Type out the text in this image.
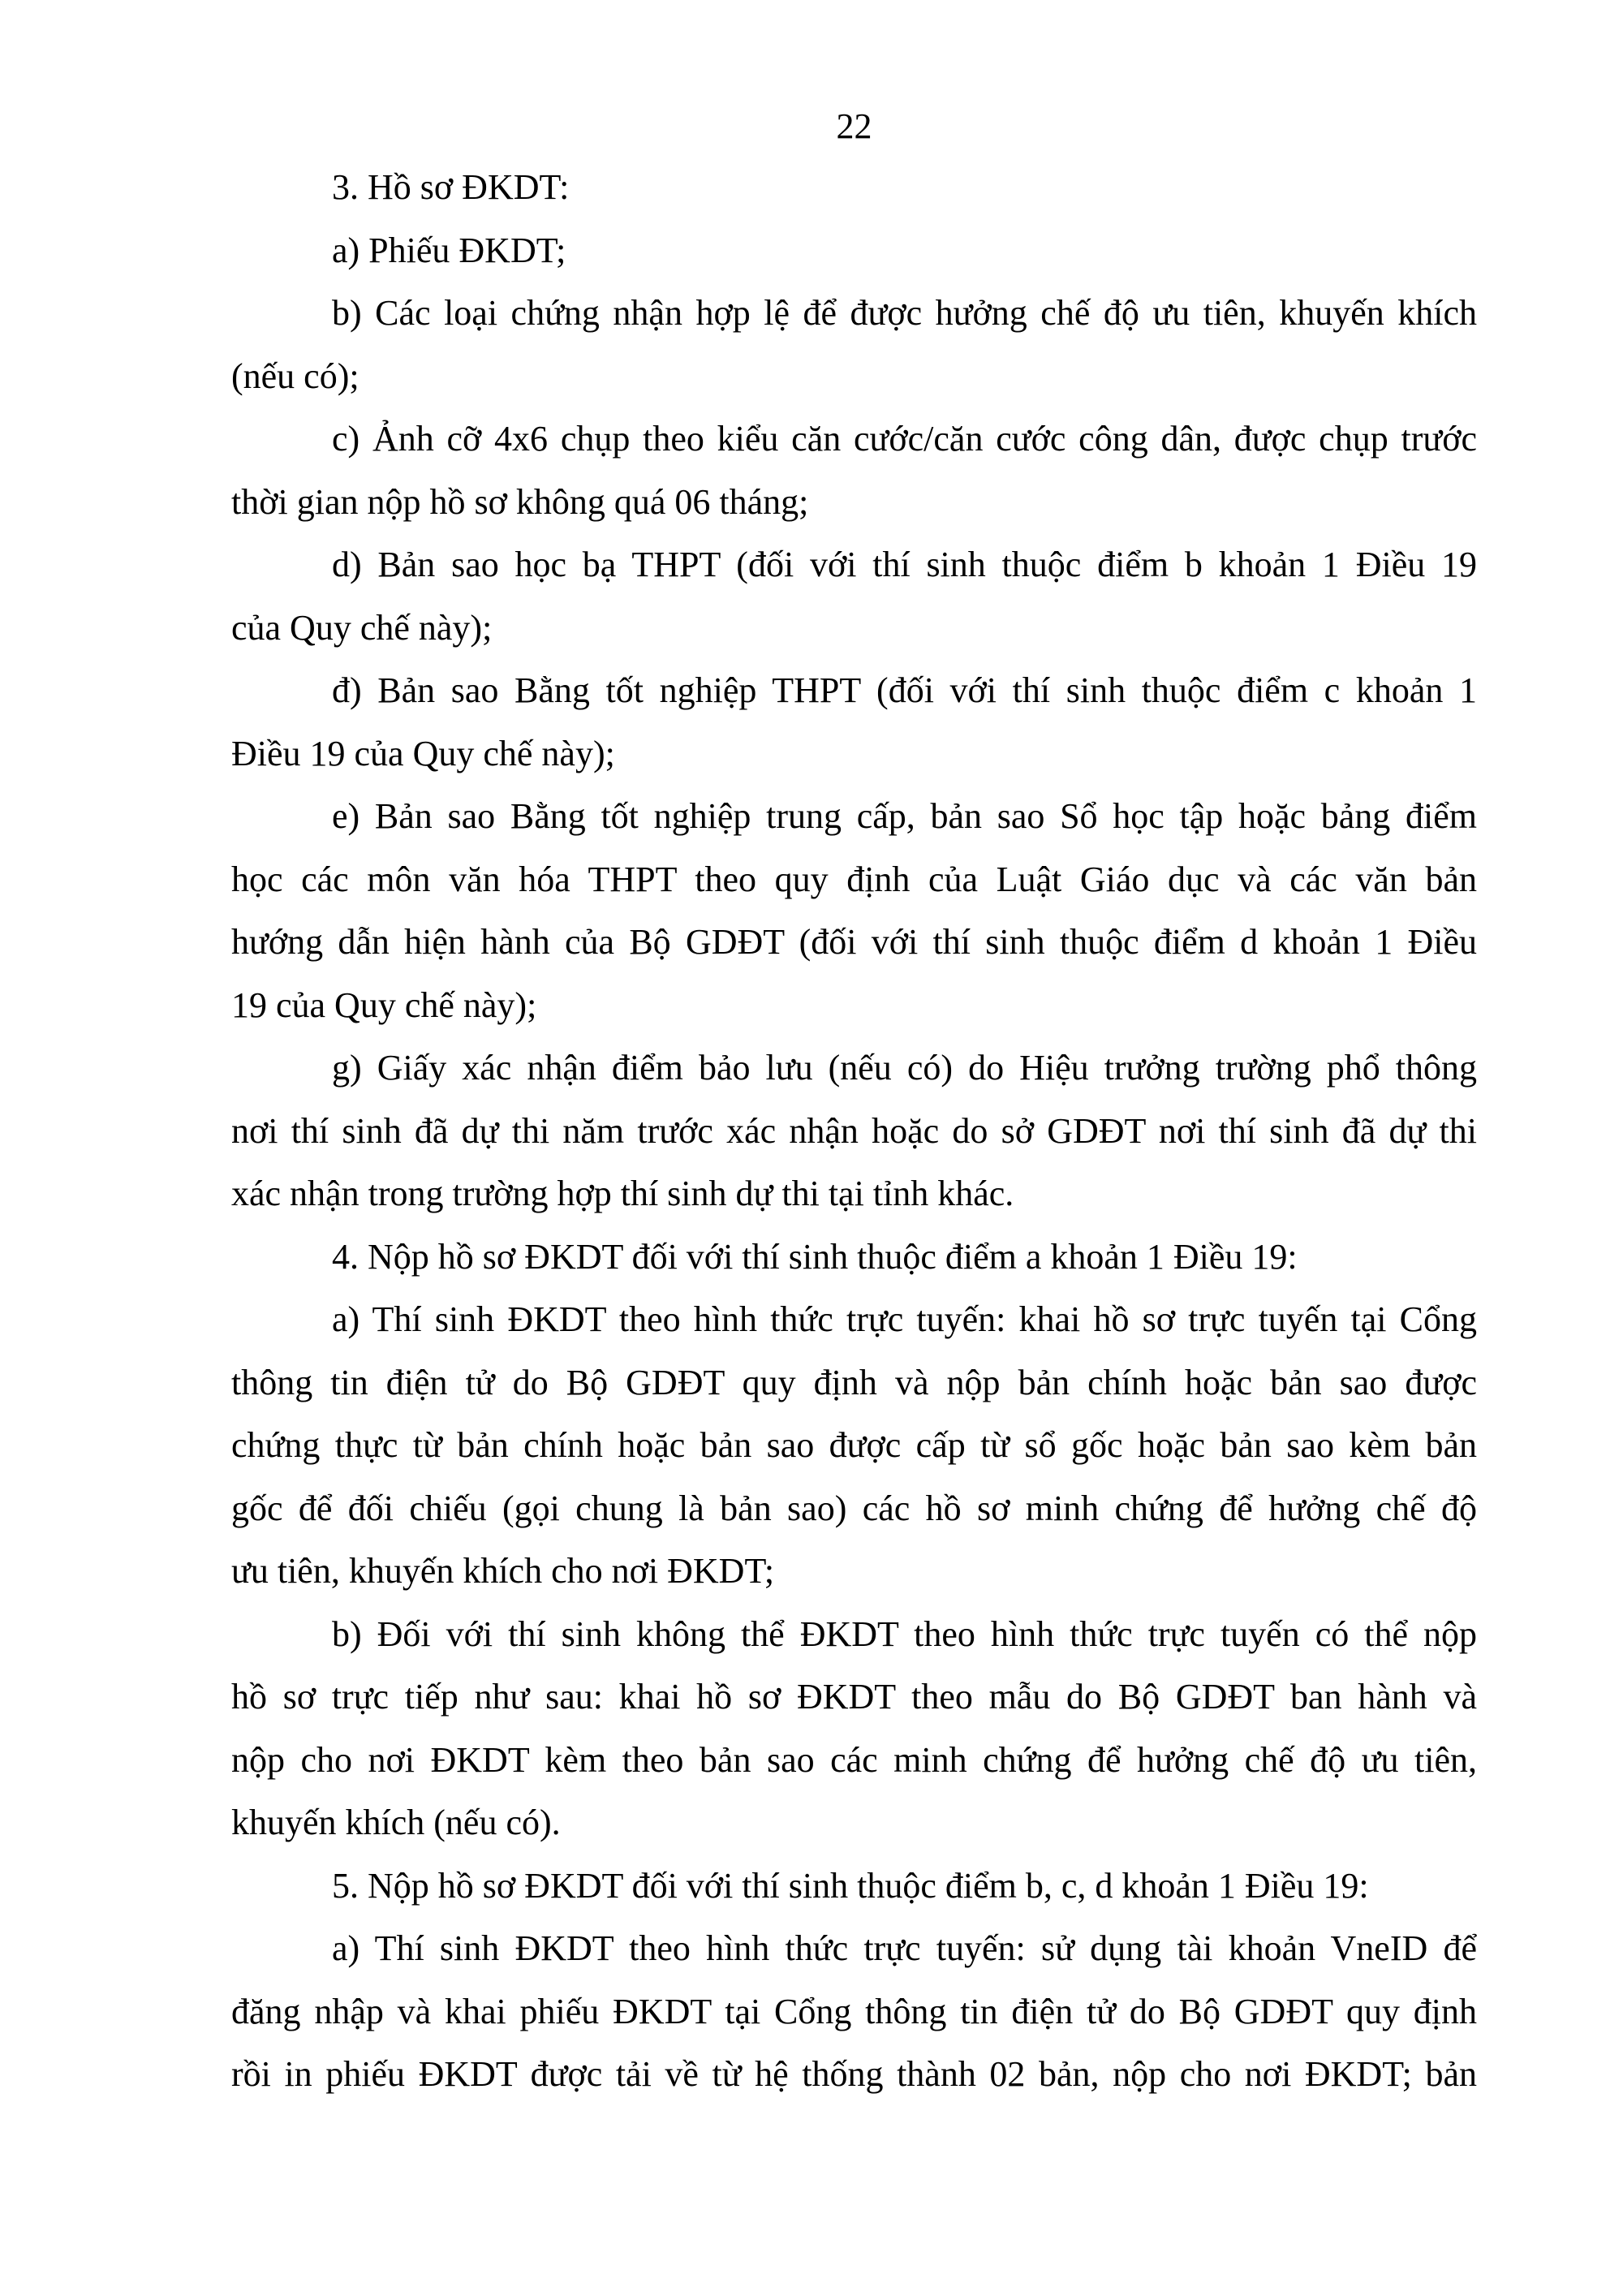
22
3. Hồ sơ ĐKDT:
a) Phiếu ĐKDT;
b) Các loại chứng nhận hợp lệ để được hưởng chế độ ưu tiên, khuyến khích
(nếu có);
c) Ảnh cỡ 4x6 chụp theo kiểu căn cước/căn cước công dân, được chụp trước
thời gian nộp hồ sơ không quá 06 tháng;
d) Bản sao học bạ THPT (đối với thí sinh thuộc điểm b khoản 1 Điều 19
của Quy chế này);
đ) Bản sao Bằng tốt nghiệp THPT (đối với thí sinh thuộc điểm c khoản 1
Điều 19 của Quy chế này);
e) Bản sao Bằng tốt nghiệp trung cấp, bản sao Sổ học tập hoặc bảng điểm
học các môn văn hóa THPT theo quy định của Luật Giáo dục và các văn bản
hướng dẫn hiện hành của Bộ GDĐT (đối với thí sinh thuộc điểm d khoản 1 Điều
19 của Quy chế này);
g) Giấy xác nhận điểm bảo lưu (nếu có) do Hiệu trưởng trường phổ thông
nơi thí sinh đã dự thi năm trước xác nhận hoặc do sở GDĐT nơi thí sinh đã dự thi
xác nhận trong trường hợp thí sinh dự thi tại tỉnh khác.
4. Nộp hồ sơ ĐKDT đối với thí sinh thuộc điểm a khoản 1 Điều 19:
a) Thí sinh ĐKDT theo hình thức trực tuyến: khai hồ sơ trực tuyến tại Cổng
thông tin điện tử do Bộ GDĐT quy định và nộp bản chính hoặc bản sao được
chứng thực từ bản chính hoặc bản sao được cấp từ sổ gốc hoặc bản sao kèm bản
gốc để đối chiếu (gọi chung là bản sao) các hồ sơ minh chứng để hưởng chế độ
ưu tiên, khuyến khích cho nơi ĐKDT;
b) Đối với thí sinh không thể ĐKDT theo hình thức trực tuyến có thể nộp
hồ sơ trực tiếp như sau: khai hồ sơ ĐKDT theo mẫu do Bộ GDĐT ban hành và
nộp cho nơi ĐKDT kèm theo bản sao các minh chứng để hưởng chế độ ưu tiên,
khuyến khích (nếu có).
5. Nộp hồ sơ ĐKDT đối với thí sinh thuộc điểm b, c, d khoản 1 Điều 19:
a) Thí sinh ĐKDT theo hình thức trực tuyến: sử dụng tài khoản VneID để
đăng nhập và khai phiếu ĐKDT tại Cổng thông tin điện tử do Bộ GDĐT quy định
rồi in phiếu ĐKDT được tải về từ hệ thống thành 02 bản, nộp cho nơi ĐKDT; bản
